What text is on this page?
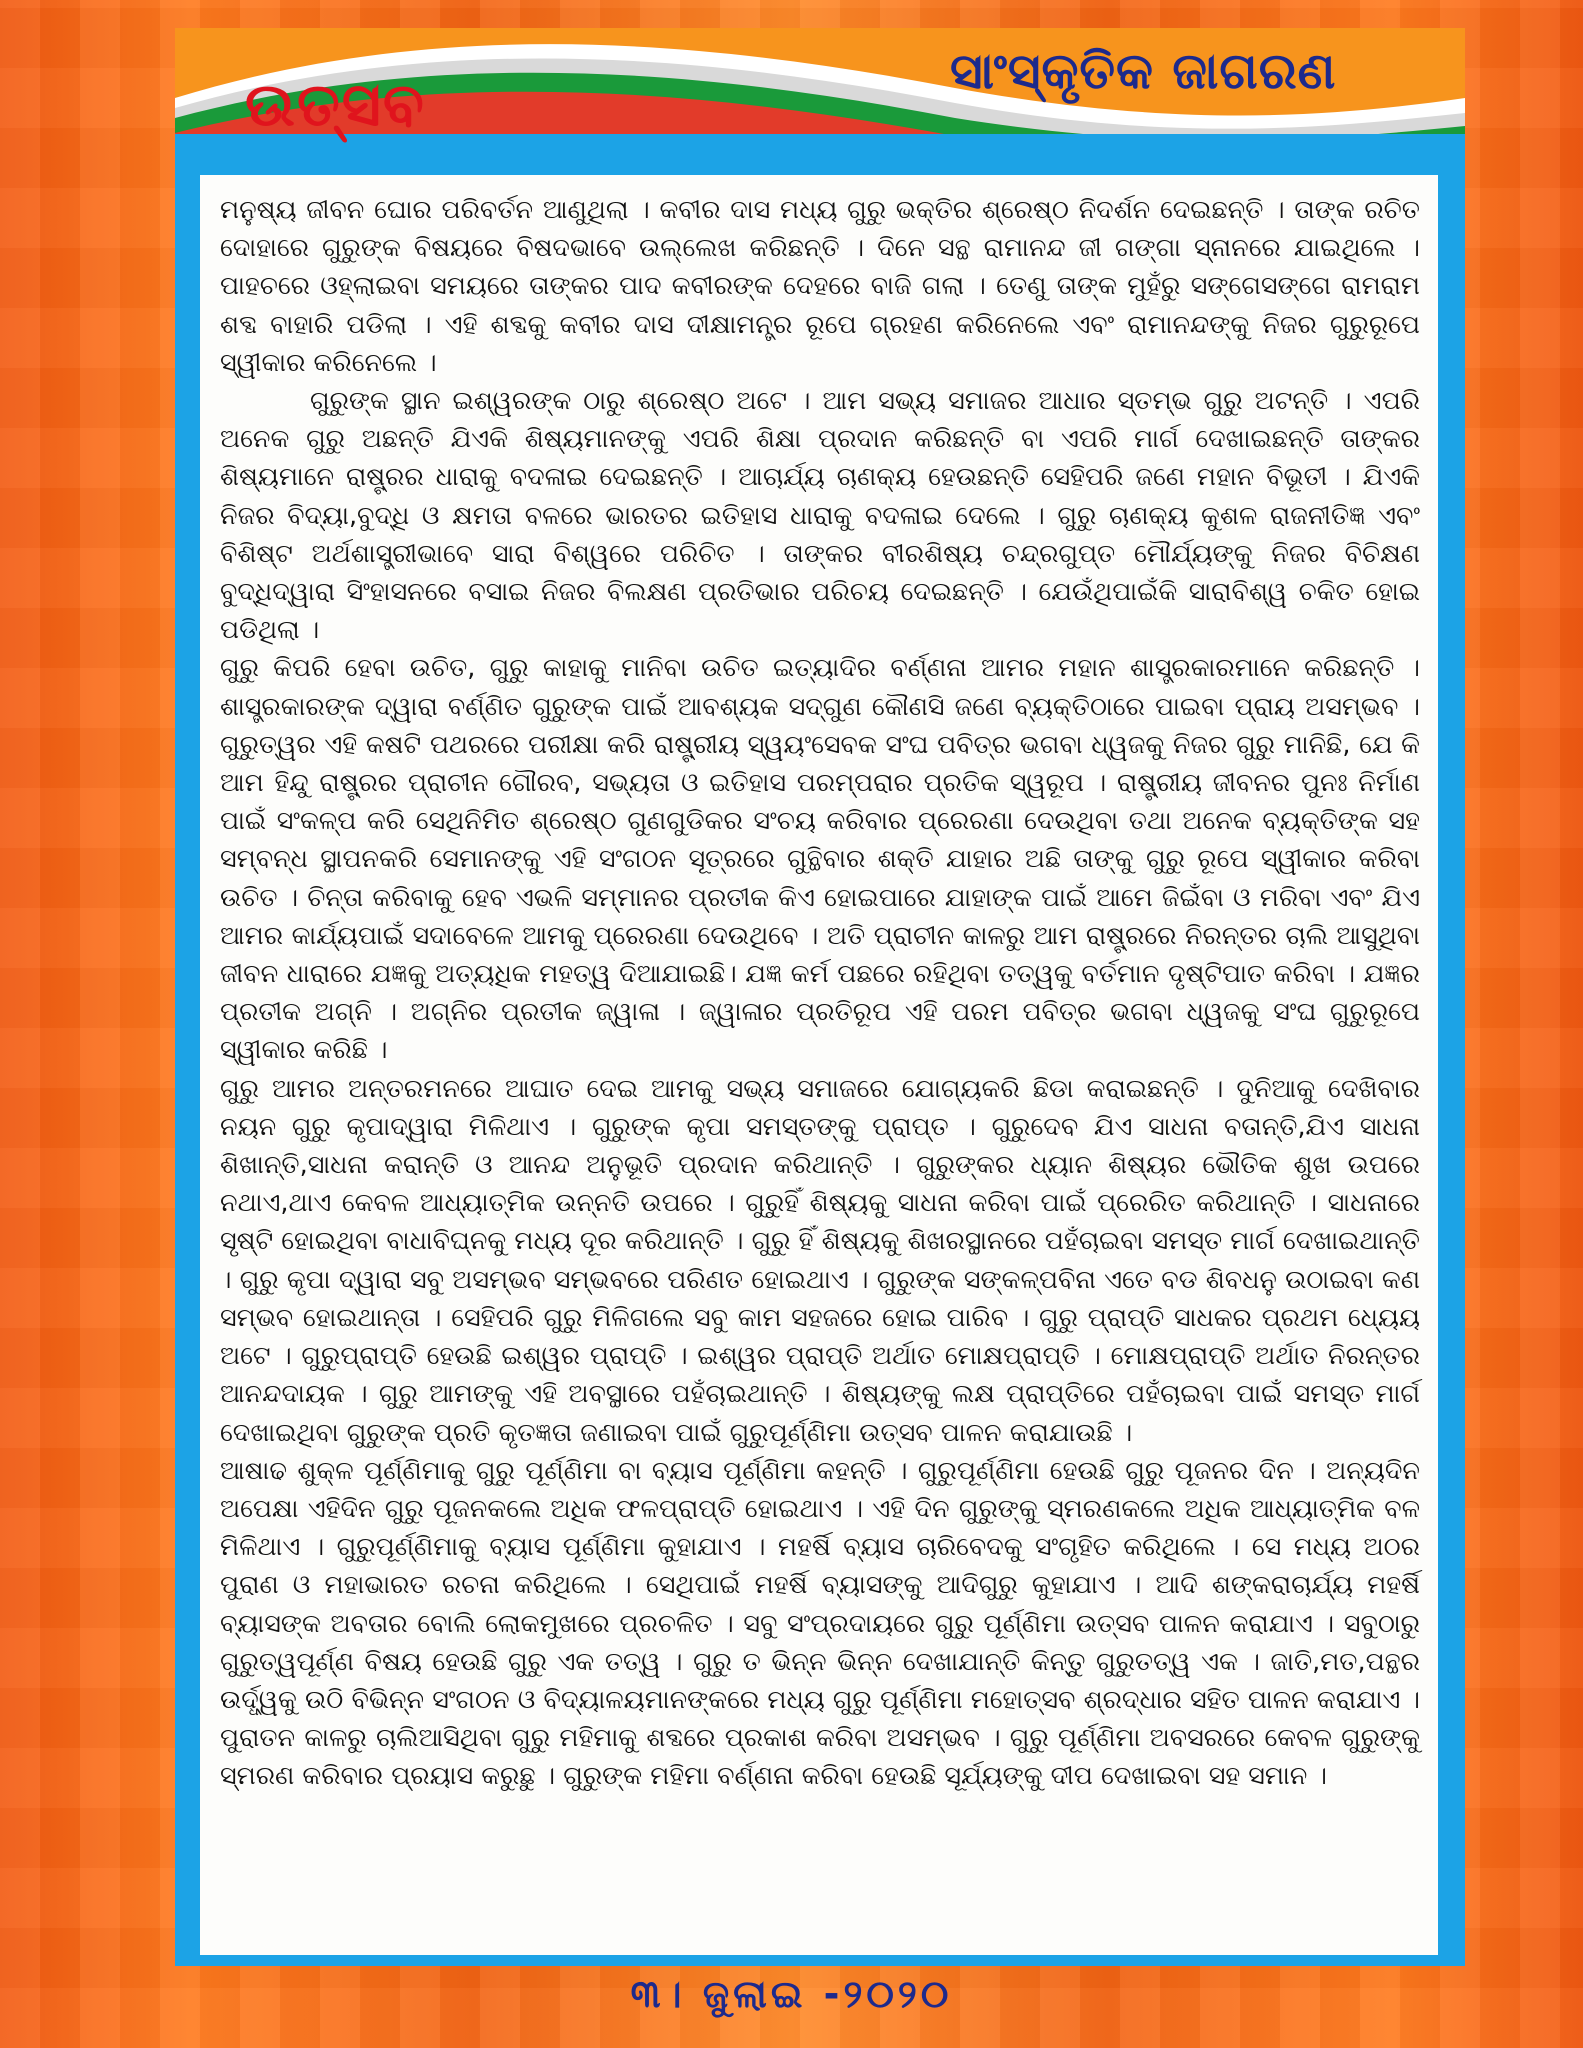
ଉତ୍ସବ	ସାଂସ୍କୃତିକ ଜାଗରଣ

ମନୁଷ୍ୟ ଜୀବନ ଘୋର ପରିବର୍ତନ ଆଣୁଥିଲା । କବୀର ଦାସ ମଧ୍ୟ ଗୁରୁ ଭକ୍ତିର ଶ୍ରେଷ୍ଠ ନିଦର୍ଶନ ଦେଇଛନ୍ତି । ତାଙ୍କ ରଚିତ ଦୋହାରେ ଗୁରୁଙ୍କ ବିଷୟରେ ବିଷଦଭାବେ ଉଲ୍ଲେଖ କରିଛନ୍ତି । ଦିନେ ସନ୍ଥ ରାମାନନ୍ଦ ଜୀ ଗଙ୍ଗା ସ୍ନାନରେ ଯାଇଥିଲେ । ପାହଚରେ ଓହ୍ଲାଇବା ସମୟରେ ତାଙ୍କର ପାଦ କବୀରଙ୍କ ଦେହରେ ବାଜି ଗଲା । ତେଣୁ ତାଙ୍କ ମୁହଁରୁ ସଙ୍ଗେସଙ୍ଗେ ରାମରାମ ଶବ୍ଦ ବାହାରି ପଡିଲା । ଏହି ଶବ୍ଦକୁ କବୀର ଦାସ ଦୀକ୍ଷାମନ୍ତ୍ର ରୂପେ ଗ୍ରହଣ କରିନେଲେ ଏବଂ ରାମାନନ୍ଦଙ୍କୁ ନିଜର ଗୁରୁରୂପେ ସ୍ୱୀକାର କରିନେଲେ ।

ଗୁରୁଙ୍କ ସ୍ଥାନ ଇଶ୍ୱରଙ୍କ ଠାରୁ ଶ୍ରେଷ୍ଠ ଅଟେ । ଆମ ସଭ୍ୟ ସମାଜର ଆଧାର ସ୍ତମ୍ଭ ଗୁରୁ ଅଟନ୍ତି । ଏପରି ଅନେକ ଗୁରୁ ଅଛନ୍ତି ଯିଏକି ଶିଷ୍ୟମାନଙ୍କୁ ଏପରି ଶିକ୍ଷା ପ୍ରଦାନ କରିଛନ୍ତି ବା ଏପରି ମାର୍ଗ ଦେଖାଇଛନ୍ତି ତାଙ୍କର ଶିଷ୍ୟମାନେ ରାଷ୍ଟ୍ରର ଧାରାକୁ ବଦଳାଇ ଦେଇଛନ୍ତି । ଆଚାର୍ଯ୍ୟ ଚାଣକ୍ୟ ହେଉଛନ୍ତି ସେହିପରି ଜଣେ ମହାନ ବିଭୂତୀ । ଯିଏକି ନିଜର ବିଦ୍ୟା,ବୁଦ୍ଧି ଓ କ୍ଷମତା ବଳରେ ଭାରତର ଇତିହାସ ଧାରାକୁ ବଦଳାଇ ଦେଲେ । ଗୁରୁ ଚାଣକ୍ୟ କୁଶଳ ରାଜନୀତିଜ୍ଞ ଏବଂ ବିଶିଷ୍ଟ ଅର୍ଥଶାସ୍ତ୍ରୀଭାବେ ସାରା ବିଶ୍ୱରେ ପରିଚିତ । ତାଙ୍କର ବୀରଶିଷ୍ୟ ଚନ୍ଦ୍ରଗୁପ୍ତ ମୌର୍ଯ୍ୟଙ୍କୁ ନିଜର ବିଚିକ୍ଷଣ ବୁଦ୍ଧିଦ୍ୱାରା ସିଂହାସନରେ ବସାଇ ନିଜର ବିଲକ୍ଷଣ ପ୍ରତିଭାର ପରିଚୟ ଦେଇଛନ୍ତି । ଯେଉଁଥିପାଇଁକି ସାରାବିଶ୍ୱ ଚକିତ ହୋଇ ପଡିଥିଲା ।

ଗୁରୁ କିପରି ହେବା ଉଚିତ, ଗୁରୁ କାହାକୁ ମାନିବା ଉଚିତ ଇତ୍ୟାଦିର ବର୍ଣ୍ଣନା ଆମର ମହାନ ଶାସ୍ତ୍ରକାରମାନେ କରିଛନ୍ତି । ଶାସ୍ତ୍ରକାରଙ୍କ ଦ୍ୱାରା ବର୍ଣ୍ଣିତ ଗୁରୁଙ୍କ ପାଇଁ ଆବଶ୍ୟକ ସଦ୍‌ଗୁଣ କୌଣସି ଜଣେ ବ୍ୟକ୍ତିଠାରେ ପାଇବା ପ୍ରାୟ ଅସମ୍ଭବ । ଗୁରୁତ୍ୱର ଏହି କଷଟି ପଥରରେ ପରୀକ୍ଷା କରି ରାଷ୍ଟ୍ରୀୟ ସ୍ୱୟଂସେବକ ସଂଘ ପବିତ୍ର ଭଗବା ଧ୍ୱଜକୁ ନିଜର ଗୁରୁ ମାନିଛି, ଯେ କି ଆମ ହିନ୍ଦୁ ରାଷ୍ଟ୍ରର ପ୍ରାଚୀନ ଗୌରବ, ସଭ୍ୟତା ଓ ଇତିହାସ ପରମ୍ପରାର ପ୍ରତିକ ସ୍ୱରୂପ । ରାଷ୍ଟ୍ରୀୟ ଜୀବନର ପୁନଃ ନିର୍ମାଣ ପାଇଁ ସଂକଳ୍ପ କରି ସେଥିନିମିତ ଶ୍ରେଷ୍ଠ ଗୁଣଗୁଡିକର ସଂଚୟ କରିବାର ପ୍ରେରଣା ଦେଉଥିବା ତଥା ଅନେକ ବ୍ୟକ୍ତିଙ୍କ ସହ ସମ୍ବନ୍ଧ ସ୍ଥାପନକରି ସେମାନଙ୍କୁ ଏହି ସଂଗଠନ ସୂତ୍ରରେ ଗୁନ୍ଥିବାର ଶକ୍ତି ଯାହାର ଅଛି ତାଙ୍କୁ ଗୁରୁ ରୂପେ ସ୍ୱୀକାର କରିବା ଉଚିତ । ଚିନ୍ତା କରିବାକୁ ହେବ ଏଭଳି ସମ୍ମାନର ପ୍ରତୀକ କିଏ ହୋଇପାରେ ଯାହାଙ୍କ ପାଇଁ ଆମେ ଜିଇଁବା ଓ ମରିବା ଏବଂ ଯିଏ ଆମର କାର୍ଯ୍ୟପାଇଁ ସଦାବେଳେ ଆମକୁ ପ୍ରେରଣା ଦେଉଥିବେ । ଅତି ପ୍ରାଚୀନ କାଳରୁ ଆମ ରାଷ୍ଟ୍ରରେ ନିରନ୍ତର ଚାଲି ଆସୁଥିବା ଜୀବନ ଧାରାରେ ଯଜ୍ଞକୁ ଅତ୍ୟଧିକ ମହତ୍ୱ ଦିଆଯାଇଛି। ଯଜ୍ଞ କର୍ମ ପଛରେ ରହିଥିବା ତତ୍ୱକୁ ବର୍ତମାନ ଦୃଷ୍ଟିପାତ କରିବା । ଯଜ୍ଞର ପ୍ରତୀକ ଅଗ୍ନି । ଅଗ୍ନିର ପ୍ରତୀକ ଜ୍ୱାଳା । ଜ୍ୱାଳାର ପ୍ରତିରୂପ ଏହି ପରମ ପବିତ୍ର ଭଗବା ଧ୍ୱଜକୁ ସଂଘ ଗୁରୁରୂପେ ସ୍ୱୀକାର କରିଛି ।

ଗୁରୁ ଆମର ଅନ୍ତରମନରେ ଆଘାତ ଦେଇ ଆମକୁ ସଭ୍ୟ ସମାଜରେ ଯୋଗ୍ୟକରି ଛିଡା କରାଇଛନ୍ତି । ଦୁନିଆକୁ ଦେଖିବାର ନୟନ ଗୁରୁ କୃପାଦ୍ୱାରା ମିଳିଥାଏ । ଗୁରୁଙ୍କ କୃପା ସମସ୍ତଙ୍କୁ ପ୍ରାପ୍ତ । ଗୁରୁଦେବ ଯିଏ ସାଧନା ବତାନ୍ତି,ଯିଏ ସାଧନା ଶିଖାନ୍ତି,ସାଧନା କରାନ୍ତି ଓ ଆନନ୍ଦ ଅନୁଭୂତି ପ୍ରଦାନ କରିଥାନ୍ତି । ଗୁରୁଙ୍କର ଧ୍ୟାନ ଶିଷ୍ୟର ଭୌତିକ ଶୁଖ ଉପରେ ନଥାଏ,ଥାଏ କେବଳ ଆଧ୍ୟାତ୍ମିକ ଉନ୍ନତି ଉପରେ । ଗୁରୁହିଁ ଶିଷ୍ୟକୁ ସାଧନା କରିବା ପାଇଁ ପ୍ରେରିତ କରିଥାନ୍ତି । ସାଧନାରେ ସୃଷ୍ଟି ହୋଇଥିବା ବାଧାବିଘ୍ନକୁ ମଧ୍ୟ ଦୂର କରିଥାନ୍ତି । ଗୁରୁ ହିଁ ଶିଷ୍ୟକୁ ଶିଖରସ୍ଥାନରେ ପହଁଚାଇବା ସମସ୍ତ ମାର୍ଗ ଦେଖାଇଥାନ୍ତି । ଗୁରୁ କୃପା ଦ୍ୱାରା ସବୁ ଅସମ୍ଭବ ସମ୍ଭବରେ ପରିଣତ ହୋଇଥାଏ । ଗୁରୁଙ୍କ ସଙ୍କଳ୍ପବିନା ଏତେ ବଡ ଶିବଧନୁ ଉଠାଇବା କଣ ସମ୍ଭବ ହୋଇଥାନ୍ତା । ସେହିପରି ଗୁରୁ ମିଳିଗଲେ ସବୁ କାମ ସହଜରେ ହୋଇ ପାରିବ । ଗୁରୁ ପ୍ରାପ୍ତି ସାଧକର ପ୍ରଥମ ଧ୍ୟେୟ ଅଟେ । ଗୁରୁପ୍ରାପ୍ତି ହେଉଛି ଇଶ୍ୱର ପ୍ରାପ୍ତି । ଇଶ୍ୱର ପ୍ରାପ୍ତି ଅର୍ଥାତ ମୋକ୍ଷପ୍ରାପ୍ତି । ମୋକ୍ଷପ୍ରାପ୍ତି ଅର୍ଥାତ ନିରନ୍ତର ଆନନ୍ଦଦାୟକ । ଗୁରୁ ଆମଙ୍କୁ ଏହି ଅବସ୍ଥାରେ ପହଁଚାଇଥାନ୍ତି । ଶିଷ୍ୟଙ୍କୁ ଲକ୍ଷ ପ୍ରାପ୍ତିରେ ପହଁଚାଇବା ପାଇଁ ସମସ୍ତ ମାର୍ଗ ଦେଖାଇଥିବା ଗୁରୁଙ୍କ ପ୍ରତି କୃତଜ୍ଞତା ଜଣାଇବା ପାଇଁ ଗୁରୁପୂର୍ଣ୍ଣିମା ଉତ୍ସବ ପାଳନ କରାଯାଉଛି ।

ଆଷାଢ ଶୁକ୍ଳ ପୂର୍ଣ୍ଣିମାକୁ ଗୁରୁ ପୂର୍ଣ୍ଣିମା ବା ବ୍ୟାସ ପୂର୍ଣ୍ଣିମା କହନ୍ତି । ଗୁରୁପୂର୍ଣ୍ଣିମା ହେଉଛି ଗୁରୁ ପୂଜନର ଦିନ । ଅନ୍ୟଦିନ ଅପେକ୍ଷା ଏହିଦିନ ଗୁରୁ ପୂଜନକଲେ ଅଧିକ ଫଳପ୍ରାପ୍ତି ହୋଇଥାଏ । ଏହି ଦିନ ଗୁରୁଙ୍କୁ ସ୍ମରଣକଲେ ଅଧିକ ଆଧ୍ୟାତ୍ମିକ ବଳ ମିଳିଥାଏ । ଗୁରୁପୂର୍ଣ୍ଣିମାକୁ ବ୍ୟାସ ପୂର୍ଣ୍ଣିମା କୁହାଯାଏ । ମହର୍ଷି ବ୍ୟାସ ଚାରିବେଦକୁ ସଂଗୃହିତ କରିଥିଲେ । ସେ ମଧ୍ୟ ଅଠର ପୁରାଣ ଓ ମହାଭାରତ ରଚନା କରିଥିଲେ । ସେଥିପାଇଁ ମହର୍ଷି ବ୍ୟାସଙ୍କୁ ଆଦିଗୁରୁ କୁହାଯାଏ । ଆଦି ଶଙ୍କରାଚାର୍ଯ୍ୟ ମହର୍ଷି ବ୍ୟାସଙ୍କ ଅବତାର ବୋଲି ଲୋକମୁଖରେ ପ୍ରଚଳିତ । ସବୁ ସଂପ୍ରଦାୟରେ ଗୁରୁ ପୂର୍ଣ୍ଣିମା ଉତ୍ସବ ପାଳନ କରାଯାଏ । ସବୁଠାରୁ ଗୁରୁତ୍ୱପୂର୍ଣ୍ଣ ବିଷୟ ହେଉଛି ଗୁରୁ ଏକ ତତ୍ୱ । ଗୁରୁ ତ ଭିନ୍ନ ଭିନ୍ନ ଦେଖାଯାନ୍ତି କିନ୍ତୁ ଗୁରୁତତ୍ୱ ଏକ । ଜାତି,ମତ,ପନ୍ଥର ଉର୍ଦ୍ଧ୍ୱକୁ ଉଠି ବିଭିନ୍ନ ସଂଗଠନ ଓ ବିଦ୍ୟାଳୟମାନଙ୍କରେ ମଧ୍ୟ ଗୁରୁ ପୂର୍ଣ୍ଣିମା ମହୋତ୍ସବ ଶ୍ରଦ୍ଧାର ସହିତ ପାଳନ କରାଯାଏ । ପୁରାତନ କାଳରୁ ଚାଲିଆସିଥିବା ଗୁରୁ ମହିମାକୁ ଶବ୍ଦରେ ପ୍ରକାଶ କରିବା ଅସମ୍ଭବ । ଗୁରୁ ପୂର୍ଣ୍ଣିମା ଅବସରରେ କେବଳ ଗୁରୁଙ୍କୁ ସ୍ମରଣ କରିବାର ପ୍ରୟାସ କରୁଛୁ । ଗୁରୁଙ୍କ ମହିମା ବର୍ଣ୍ଣନା କରିବା ହେଉଛି ସୂର୍ଯ୍ୟଙ୍କୁ ଦୀପ ଦେଖାଇବା ସହ ସମାନ ।

୩। ଜୁଲାଇ -୨୦୨୦
